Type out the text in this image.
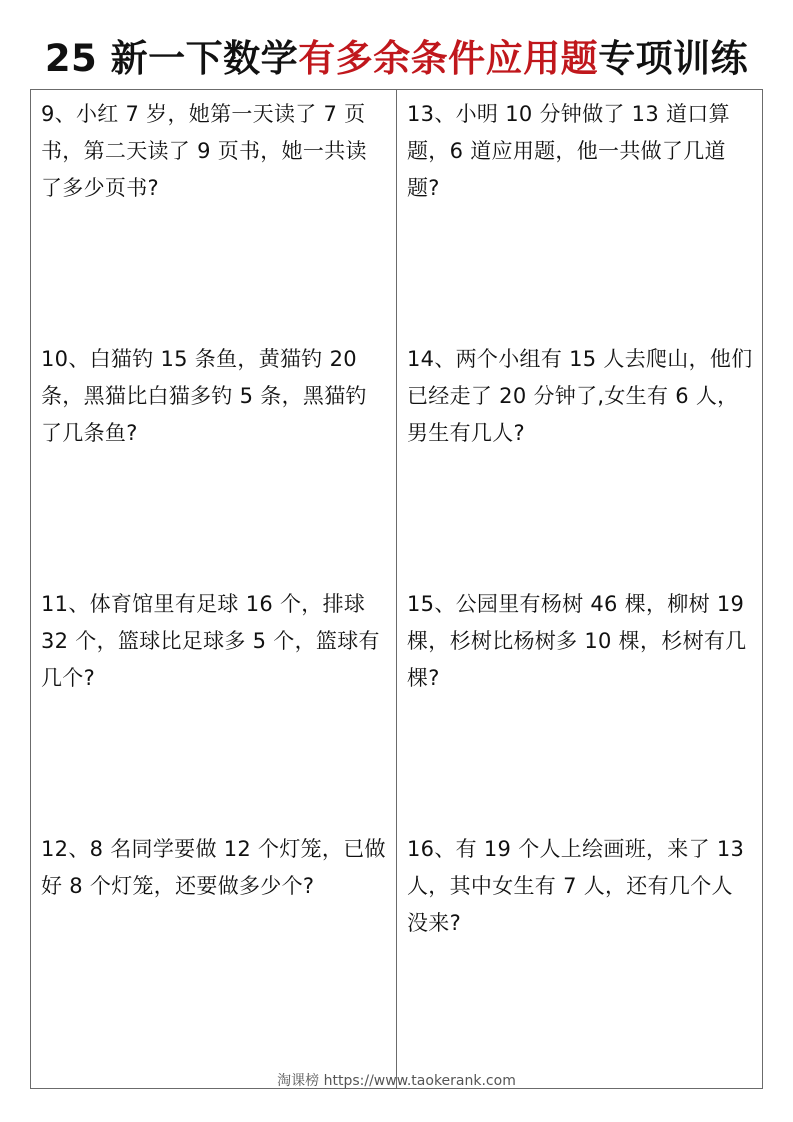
25 新一下数学有多余条件应用题专项训练

9、小红 7 岁，她第一天读了 7 页书，第二天读了 9 页书，她一共读了多少页书?

13、小明 10 分钟做了 13 道口算题，6 道应用题，他一共做了几道题?

10、白猫钓 15 条鱼，黄猫钓 20 条，黑猫比白猫多钓 5 条，黑猫钓了几条鱼?

14、两个小组有 15 人去爬山，他们已经走了 20 分钟了,女生有 6 人，男生有几人?

11、体育馆里有足球 16 个，排球 32 个，篮球比足球多 5 个，篮球有几个?

15、公园里有杨树 46 棵，柳树 19 棵，杉树比杨树多 10 棵，杉树有几棵?

12、8 名同学要做 12 个灯笼，已做好 8 个灯笼，还要做多少个?

16、有 19 个人上绘画班，来了 13 人，其中女生有 7 人，还有几个人没来?

淘课榜 https://www.taokerank.com
